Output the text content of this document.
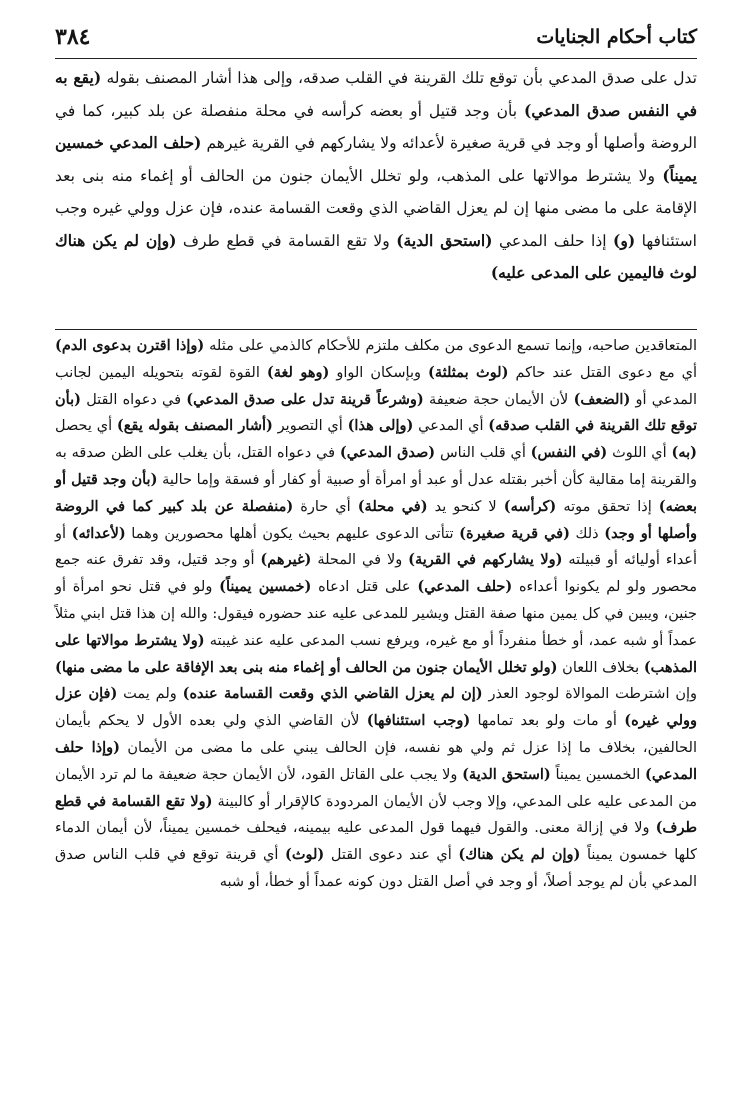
كتاب أحكام الجنايات
٣٨٤
تدل على صدق المدعي بأن توقع تلك القرينة في القلب صدقه، وإلى هذا أشار المصنف بقوله (يقع به في النفس صدق المدعي) بأن وجد قتيل أو بعضه كرأسه في محلة منفصلة عن بلد كبير، كما في الروضة وأصلها أو وجد في قرية صغيرة لأعدائه ولا يشاركهم في القرية غيرهم (حلف المدعي خمسين يميناً) ولا يشترط موالاتها على المذهب، ولو تخلل الأيمان جنون من الحالف أو إغماء منه بنى بعد الإقامة على ما مضى منها إن لم يعزل القاضي الذي وقعت القسامة عنده، فإن عزل وولي غيره وجب استئنافها (و) إذا حلف المدعي (استحق الدية) ولا تقع القسامة في قطع طرف (وإن لم يكن هناك لوث فاليمين على المدعى عليه)
المتعاقدين صاحبه، وإنما تسمع الدعوى من مكلف ملتزم للأحكام كالذمي على مثله (وإذا اقترن بدعوى الدم) أي مع دعوى القتل عند حاكم (لوث بمثلثة) وبإسكان الواو (وهو لغة) القوة لقوته بتحويله اليمين لجانب المدعي أو (الضعف) لأن الأيمان حجة ضعيفة (وشرعاً قرينة تدل على صدق المدعي) في دعواه القتل (بأن توقع تلك القرينة في القلب صدقه) أي المدعي (وإلى هذا) أي التصوير (أشار المصنف بقوله يقع) أي يحصل (به) أي اللوث (في النفس) أي قلب الناس (صدق المدعي) في دعواه القتل، بأن يغلب على الظن صدقه به والقرينة إما مقالية كأن أخبر بقتله عدل أو عبد أو امرأة أو صبية أو كفار أو فسقة وإما حالية (بأن وجد قتيل أو بعضه) إذا تحقق موته (كرأسه) لا كنحو يد (في محلة) أي حارة (منفصلة عن بلد كبير كما في الروضة وأصلها أو وجد) ذلك (في قرية صغيرة) تتأتى الدعوى عليهم بحيث يكون أهلها محصورين وهما (لأعدائه) أو أعداء أوليائه أو قبيلته (ولا يشاركهم في القرية) ولا في المحلة (غيرهم) أو وجد قتيل، وقد تفرق عنه جمع محصور ولو لم يكونوا أعداءه (حلف المدعي) على قتل ادعاه (خمسين يميناً) ولو في قتل نحو امرأة أو جنين، ويبين في كل يمين منها صفة القتل ويشير للمدعى عليه عند حضوره فيقول: والله إن هذا قتل ابني مثلاً عمداً أو شبه عمد، أو خطأ منفرداً أو مع غيره، ويرفع نسب المدعى عليه عند غيبته (ولا يشترط موالاتها على المذهب) بخلاف اللعان (ولو تخلل الأيمان جنون من الحالف أو إغماء منه بنى بعد الإفاقة على ما مضى منها) وإن اشترطت الموالاة لوجود العذر (إن لم يعزل القاضي الذي وقعت القسامة عنده) ولم يمت (فإن عزل وولي غيره) أو مات ولو بعد تمامها (وجب استئنافها) لأن القاضي الذي ولي بعده الأول لا يحكم بأيمان الحالفين، بخلاف ما إذا عزل ثم ولي هو نفسه، فإن الحالف يبني على ما مضى من الأيمان (وإذا حلف المدعي) الخمسين يميناً (استحق الدية) ولا يجب على القاتل القود، لأن الأيمان حجة ضعيفة ما لم ترد الأيمان من المدعى عليه على المدعي، وإلا وجب لأن الأيمان المردودة كالإقرار أو كالبينة (ولا تقع القسامة في قطع طرف) ولا في إزالة معنى. والقول فيهما قول المدعى عليه بيمينه، فيحلف خمسين يميناً، لأن أيمان الدماء كلها خمسون يميناً (وإن لم يكن هناك) أي عند دعوى القتل (لوث) أي قرينة توقع في قلب الناس صدق المدعي بأن لم يوجد أصلاً، أو وجد في أصل القتل دون كونه عمداً أو خطأ، أو شبه
